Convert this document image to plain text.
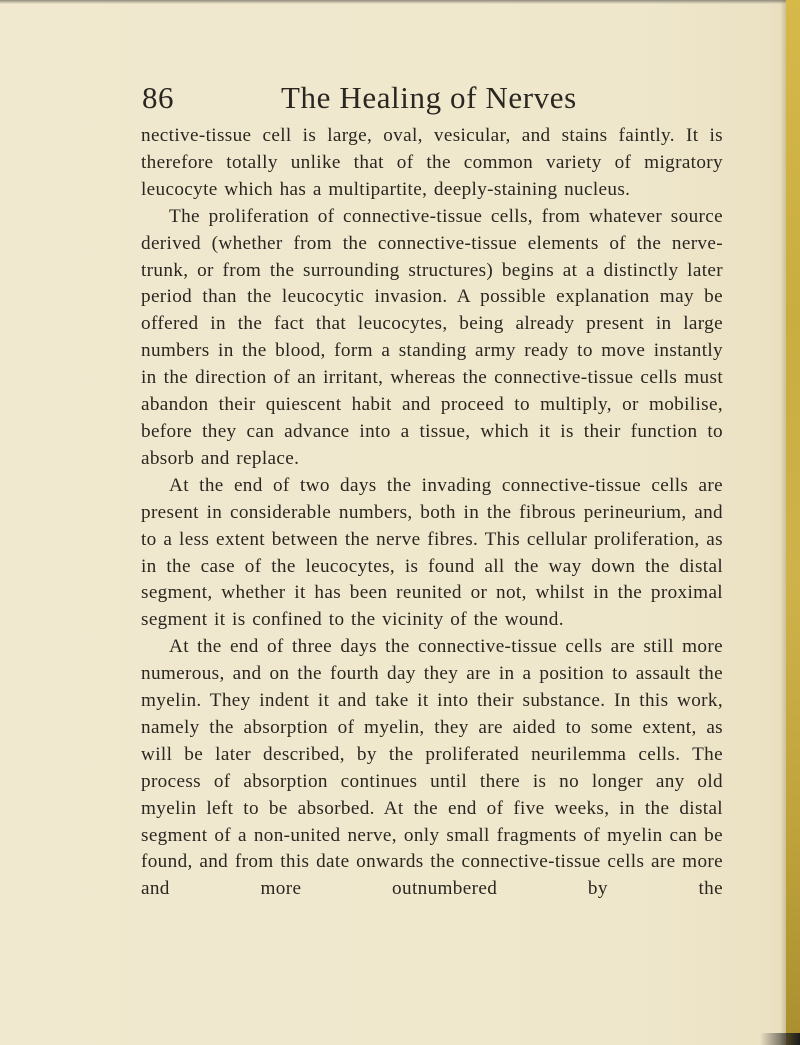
86	The Healing of Nerves

nective-tissue cell is large, oval, vesicular, and stains faintly. It is therefore totally unlike that of the common variety of migratory leucocyte which has a multipartite, deeply-staining nucleus.

The proliferation of connective-tissue cells, from whatever source derived (whether from the connective-tissue elements of the nerve-trunk, or from the surrounding structures) begins at a distinctly later period than the leucocytic invasion. A possible explanation may be offered in the fact that leucocytes, being already present in large numbers in the blood, form a standing army ready to move instantly in the direction of an irritant, whereas the connective-tissue cells must abandon their quiescent habit and proceed to multiply, or mobilise, before they can advance into a tissue, which it is their function to absorb and replace.

At the end of two days the invading connective-tissue cells are present in considerable numbers, both in the fibrous perineurium, and to a less extent between the nerve fibres. This cellular proliferation, as in the case of the leucocytes, is found all the way down the distal segment, whether it has been reunited or not, whilst in the proximal segment it is confined to the vicinity of the wound.

At the end of three days the connective-tissue cells are still more numerous, and on the fourth day they are in a position to assault the myelin. They indent it and take it into their substance. In this work, namely the absorption of myelin, they are aided to some extent, as will be later described, by the proliferated neurilemma cells. The process of absorption continues until there is no longer any old myelin left to be absorbed. At the end of five weeks, in the distal segment of a non-united nerve, only small fragments of myelin can be found, and from this date onwards the connective-tissue cells are more and more outnumbered by the
